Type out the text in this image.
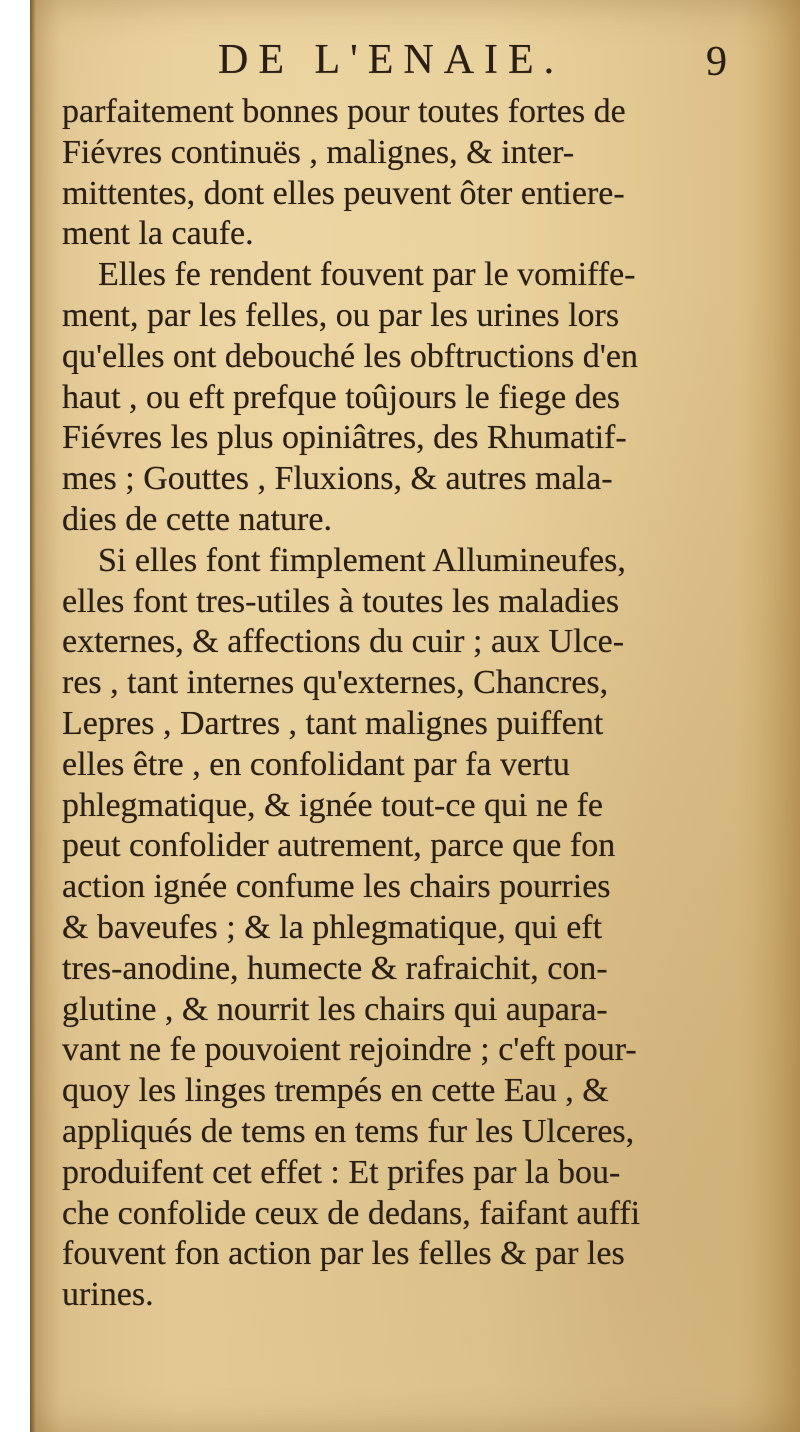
DE L'ENAIE.	9
parfaitement bonnes pour toutes fortes de
Fiévres continuës , malignes, & inter-
mittentes, dont elles peuvent ôter entiere-
ment la caufe.
Elles fe rendent fouvent par le vomiffe-
ment, par les felles, ou par les urines lors
qu'elles ont debouché les obftructions d'en
haut , ou eft prefque toûjours le fiege des
Fiévres les plus opiniâtres, des Rhumatif-
mes ; Gouttes , Fluxions, & autres mala-
dies de cette nature.
Si elles font fimplement Allumineufes,
elles font tres-utiles à toutes les maladies
externes, & affections du cuir ; aux Ulce-
res , tant internes qu'externes, Chancres,
Lepres , Dartres , tant malignes puiffent
elles être , en confolidant par fa vertu
phlegmatique, & ignée tout-ce qui ne fe
peut confolider autrement, parce que fon
action ignée confume les chairs pourries
& baveufes ; & la phlegmatique, qui eft
tres-anodine, humecte & rafraichit, con-
glutine , & nourrit les chairs qui aupara-
vant ne fe pouvoient rejoindre ; c'eft pour-
quoy les linges trempés en cette Eau , &
appliqués de tems en tems fur les Ulceres,
produifent cet effet : Et prifes par la bou-
che confolide ceux de dedans, faifant auffi
fouvent fon action par les felles & par les
urines.
